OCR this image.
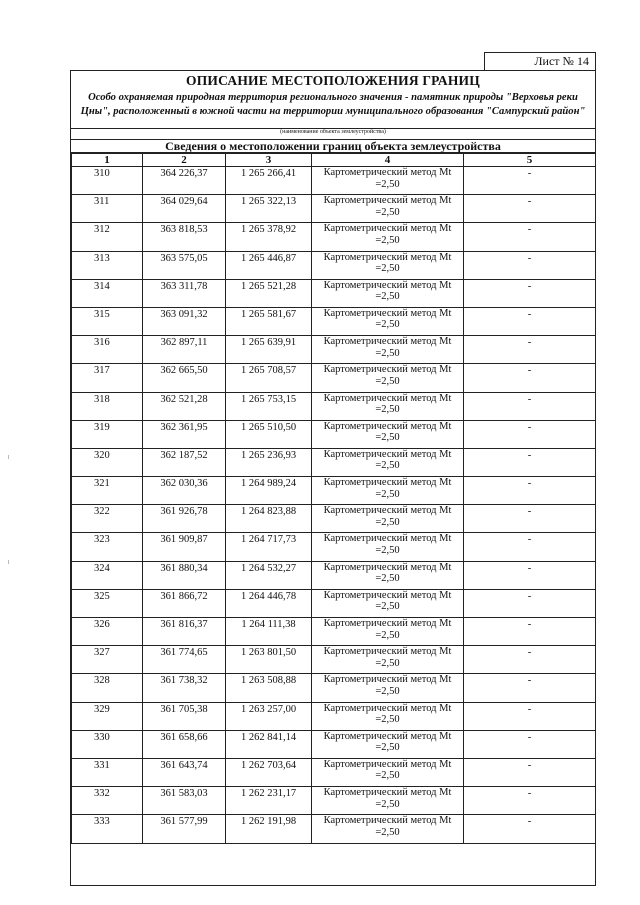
Лист № 14
ОПИСАНИЕ МЕСТОПОЛОЖЕНИЯ ГРАНИЦ
Особо охраняемая природная территория регионального значения - памятник природы "Верховья реки Цны", расположенный в южной части на территории муниципального образования "Сампурский район"
(наименование объекта землеустройства)
Сведения о местоположении границ объекта землеустройства
1	2	3	4	5

310	364 226,37	1 265 266,41	Картометрический метод Mt
=2,50	-

311	364 029,64	1 265 322,13	Картометрический метод Mt
=2,50	-

312	363 818,53	1 265 378,92	Картометрический метод Mt
=2,50	-

313	363 575,05	1 265 446,87	Картометрический метод Mt
=2,50	-

314	363 311,78	1 265 521,28	Картометрический метод Mt
=2,50	-

315	363 091,32	1 265 581,67	Картометрический метод Mt
=2,50	-

316	362 897,11	1 265 639,91	Картометрический метод Mt
=2,50	-

317	362 665,50	1 265 708,57	Картометрический метод Mt
=2,50	-

318	362 521,28	1 265 753,15	Картометрический метод Mt
=2,50	-

319	362 361,95	1 265 510,50	Картометрический метод Mt
=2,50	-

320	362 187,52	1 265 236,93	Картометрический метод Mt
=2,50	-

321	362 030,36	1 264 989,24	Картометрический метод Mt
=2,50	-

322	361 926,78	1 264 823,88	Картометрический метод Mt
=2,50	-

323	361 909,87	1 264 717,73	Картометрический метод Mt
=2,50	-

324	361 880,34	1 264 532,27	Картометрический метод Mt
=2,50	-

325	361 866,72	1 264 446,78	Картометрический метод Mt
=2,50	-

326	361 816,37	1 264 111,38	Картометрический метод Mt
=2,50	-

327	361 774,65	1 263 801,50	Картометрический метод Mt
=2,50	-

328	361 738,32	1 263 508,88	Картометрический метод Mt
=2,50	-

329	361 705,38	1 263 257,00	Картометрический метод Mt
=2,50	-

330	361 658,66	1 262 841,14	Картометрический метод Mt
=2,50	-

331	361 643,74	1 262 703,64	Картометрический метод Mt
=2,50	-

332	361 583,03	1 262 231,17	Картометрический метод Mt
=2,50	-

333	361 577,99	1 262 191,98	Картометрический метод Mt
=2,50	-
